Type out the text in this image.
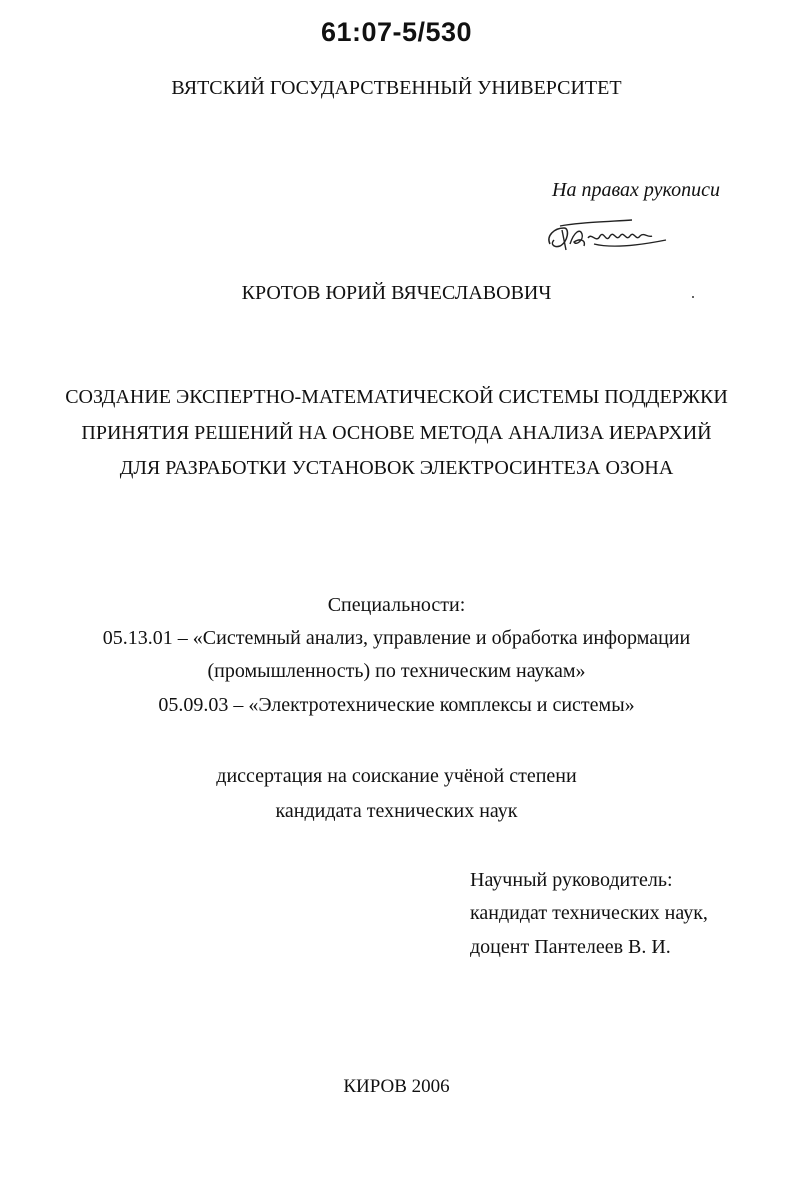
61:07-5/530
ВЯТСКИЙ ГОСУДАРСТВЕННЫЙ УНИВЕРСИТЕТ
На правах рукописи
КРОТОВ ЮРИЙ ВЯЧЕСЛАВОВИЧ
СОЗДАНИЕ ЭКСПЕРТНО-МАТЕМАТИЧЕСКОЙ СИСТЕМЫ ПОДДЕРЖКИ
ПРИНЯТИЯ РЕШЕНИЙ НА ОСНОВЕ МЕТОДА АНАЛИЗА ИЕРАРХИЙ
ДЛЯ РАЗРАБОТКИ УСТАНОВОК ЭЛЕКТРОСИНТЕЗА ОЗОНА
Специальности:
05.13.01 – «Системный анализ, управление и обработка информации
(промышленность) по техническим наукам»
05.09.03 – «Электротехнические комплексы и системы»
диссертация на соискание учёной степени
кандидата технических наук
Научный руководитель:
кандидат технических наук,
доцент Пантелеев В. И.
КИРОВ 2006
